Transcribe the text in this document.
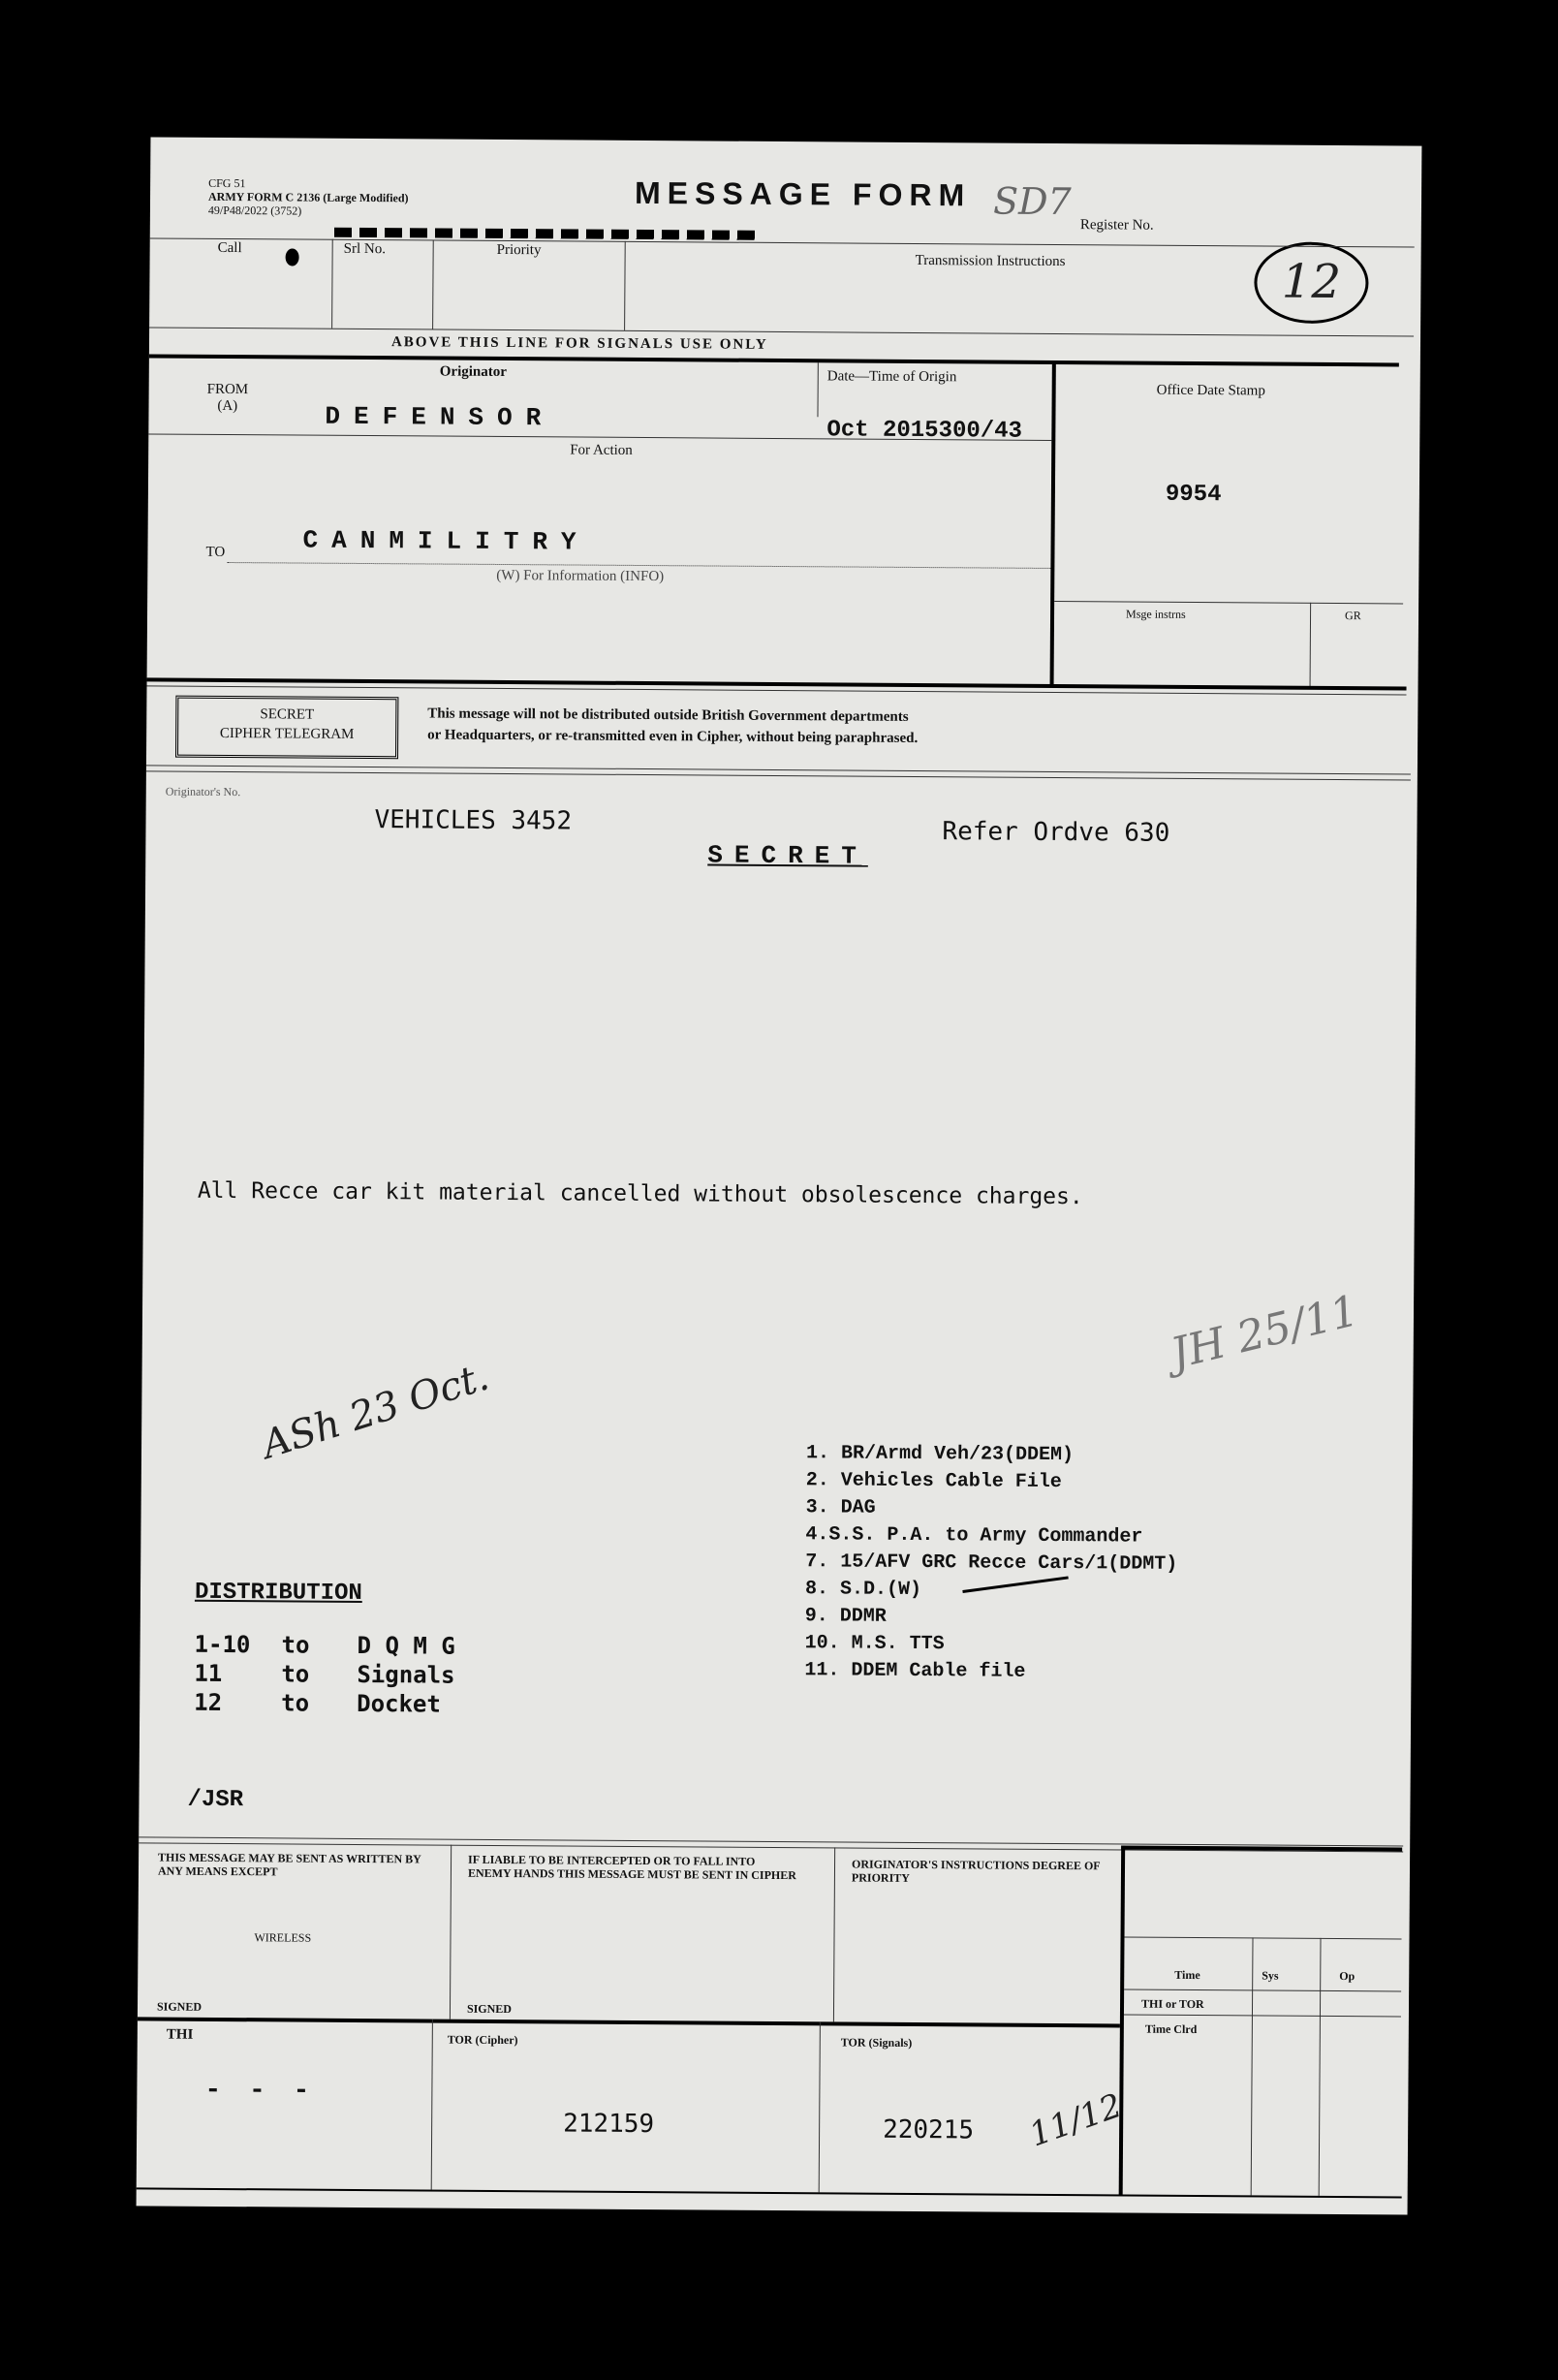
CFG 51
ARMY FORM C 2136 (Large Modified)
49/P48/2022 (3752)	MESSAGE FORM SD7
Register No.
12
Call	Srl No.	Priority
Transmission Instructions
ABOVE THIS LINE FOR SIGNALS USE ONLY
FROM
(A)
Originator
DEFENSOR
Date—Time of Origin
Oct 2015300/43
For Action
TO	CANMILITRY
(W) For Information (INFO)
Office Date Stamp
9954
Msge instrns	GR
SECRET
CIPHER TELEGRAM
This message will not be distributed outside British Government departments
or Headquarters, or re-transmitted even in Cipher, without being paraphrased.
Originator's No.
VEHICLES 3452
SECRET
Refer Ordve 630
All Recce car kit material cancelled without obsolescence charges.
ASh 23 Oct.
JH 25/11
1. BR/Armd Veh/23(DDEM)
2. Vehicles Cable File
3. DAG
4.S.S. P.A. to Army Commander
7. 15/AFV GRC Recce Cars/1(DDMT)
8. S.D.(W)
9. DDMR
10. M.S. TTS
11. DDEM Cable file
DISTRIBUTION
1-10 to D Q M G
11	to Signals
12	to Docket
/JSR
THIS MESSAGE MAY BE SENT AS WRITTEN BY ANY MEANS EXCEPT
WIRELESS
SIGNED
IF LIABLE TO BE INTERCEPTED OR TO FALL INTO ENEMY HANDS THIS MESSAGE MUST BE SENT IN CIPHER
SIGNED
ORIGINATOR'S INSTRUCTIONS DEGREE OF PRIORITY
Time	Sys	Op
THI or TOR
Time Clrd
THI
- - -
TOR (Cipher)
212159
TOR (Signals)
220215 11/12
